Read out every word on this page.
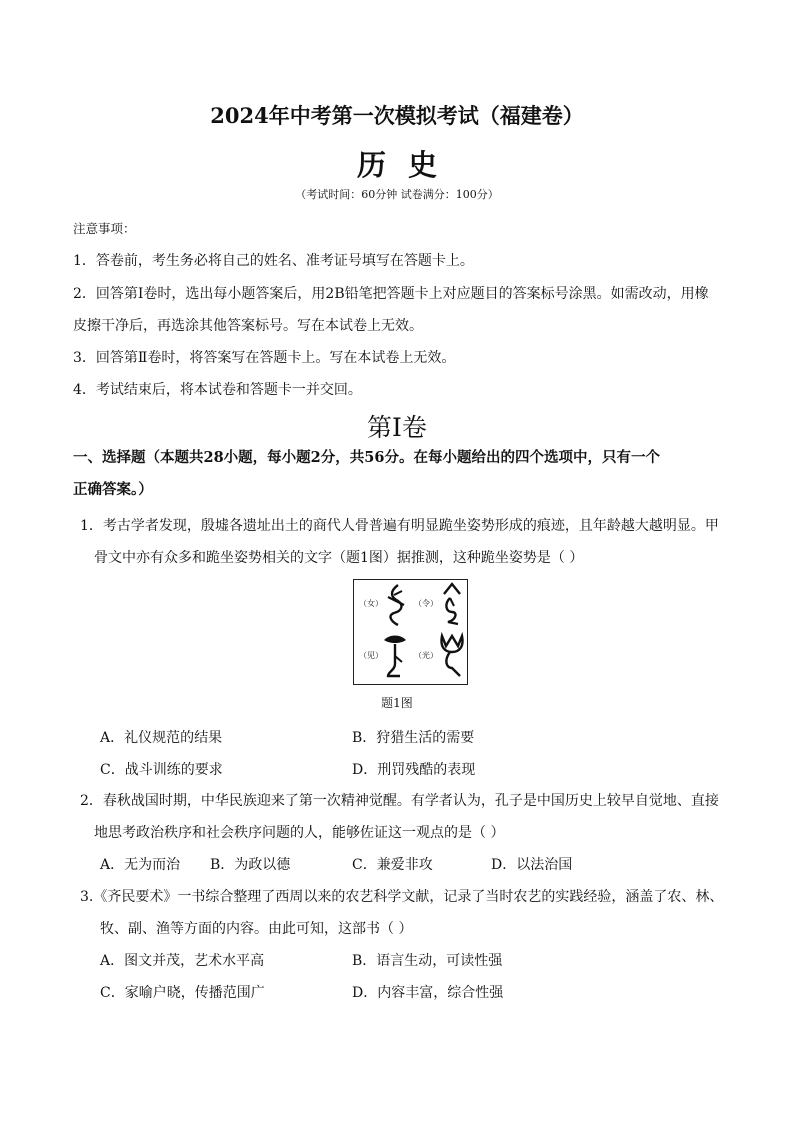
2024年中考第一次模拟考试（福建卷）
历史
（考试时间：60分钟 试卷满分：100分）
注意事项：
1．答卷前，考生务必将自己的姓名、准考证号填写在答题卡上。
2．回答第Ⅰ卷时，选出每小题答案后，用2B铅笔把答题卡上对应题目的答案标号涂黑。如需改动，用橡
皮擦干净后，再选涂其他答案标号。写在本试卷上无效。
3．回答第Ⅱ卷时，将答案写在答题卡上。写在本试卷上无效。
4．考试结束后，将本试卷和答题卡一并交回。
第Ⅰ卷
一、选择题（本题共28小题，每小题2分，共56分。在每小题给出的四个选项中，只有一个
正确答案。）
1．考古学者发现，殷墟各遗址出土的商代人骨普遍有明显跪坐姿势形成的痕迹，且年龄越大越明显。甲
骨文中亦有众多和跪坐姿势相关的文字（题1图）据推测，这种跪坐姿势是（ ）
（女）	（令）
（见）	（光）
题1图
A．礼仪规范的结果	B．狩猎生活的需要
C．战斗训练的要求	D．刑罚残酷的表现
2．春秋战国时期，中华民族迎来了第一次精神觉醒。有学者认为，孔子是中国历史上较早自觉地、直接
地思考政治秩序和社会秩序问题的人，能够佐证这一观点的是（ ）
A．无为而治 B．为政以德	C．兼爱非攻	D．以法治国
3.《齐民要术》一书综合整理了西周以来的农艺科学文献，记录了当时农艺的实践经验，涵盖了农、林、
牧、副、渔等方面的内容。由此可知，这部书（ ）
A．图文并茂，艺术水平高	B．语言生动，可读性强
C．家喻户晓，传播范围广	D．内容丰富，综合性强
